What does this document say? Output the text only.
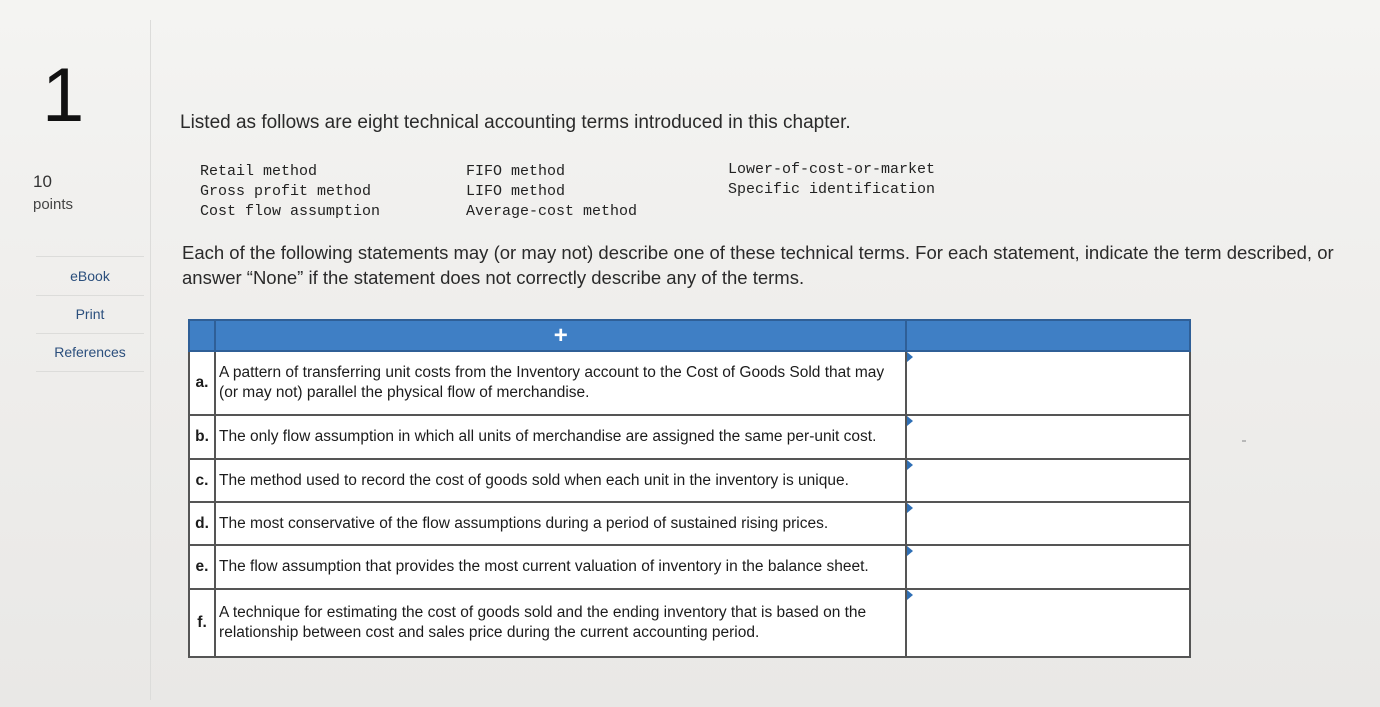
1
10
points
eBook
Print
References

Listed as follows are eight technical accounting terms introduced in this chapter.

Retail method
Gross profit method
Cost flow assumption
FIFO method
LIFO method
Average-cost method
Lower-of-cost-or-market
Specific identification

Each of the following statements may (or may not) describe one of these technical terms. For each statement, indicate the term described, or answer “None” if the statement does not correctly describe any of the terms.

	+	
a.	A pattern of transferring unit costs from the Inventory account to the Cost of Goods Sold that may (or may not) parallel the physical flow of merchandise.	

b.	The only flow assumption in which all units of merchandise are assigned the same per-unit cost.	

c.	The method used to record the cost of goods sold when each unit in the inventory is unique.	

d.	The most conservative of the flow assumptions during a period of sustained rising prices.	

e.	The flow assumption that provides the most current valuation of inventory in the balance sheet.	

f.	A technique for estimating the cost of goods sold and the ending inventory that is based on the relationship between cost and sales price during the current accounting period.	
